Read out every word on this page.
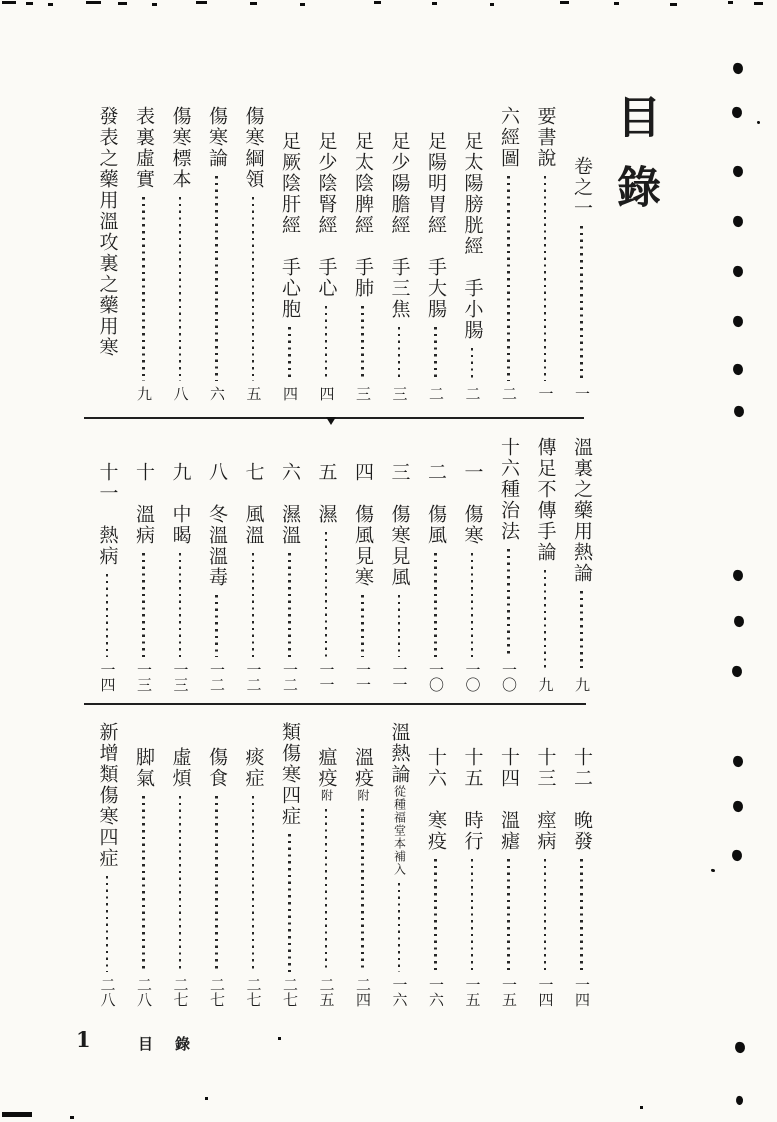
目錄
卷之一
一
要書說
一
六經圖
二
足太陽膀胱經　手小腸
二
足陽明胃經　手大腸
二
足少陽膽經　手三焦
三
足太陰脾經　手肺
三
足少陰腎經　手心
四
足厥陰肝經　手心胞
四
傷寒綱領
五
傷寒論
六
傷寒標本
八
表裏虛實
九
發表之藥用溫攻裏之藥用寒
溫裏之藥用熱論
九
傳足不傳手論
九
十六種治法
一〇
一　傷寒
一〇
二　傷風
一〇
三　傷寒見風
一一
四　傷風見寒
一一
五　濕
一一
六　濕溫
一二
七　風溫
一二
八　冬溫溫毒
一二
九　中暍
一三
十　溫病
一三
十一　熱病
一四
十二　晚發
一四
十三　痙病
一四
十四　溫瘧
一五
十五　時行
一五
十六　寒疫
一六
溫熱論從種福堂本補入
一六
溫疫附
二四
瘟疫附
二五
類傷寒四症
二七
痰症
二七
傷食
二七
虛煩
二七
脚氣
二八
新增類傷寒四症
二八
1	目錄
